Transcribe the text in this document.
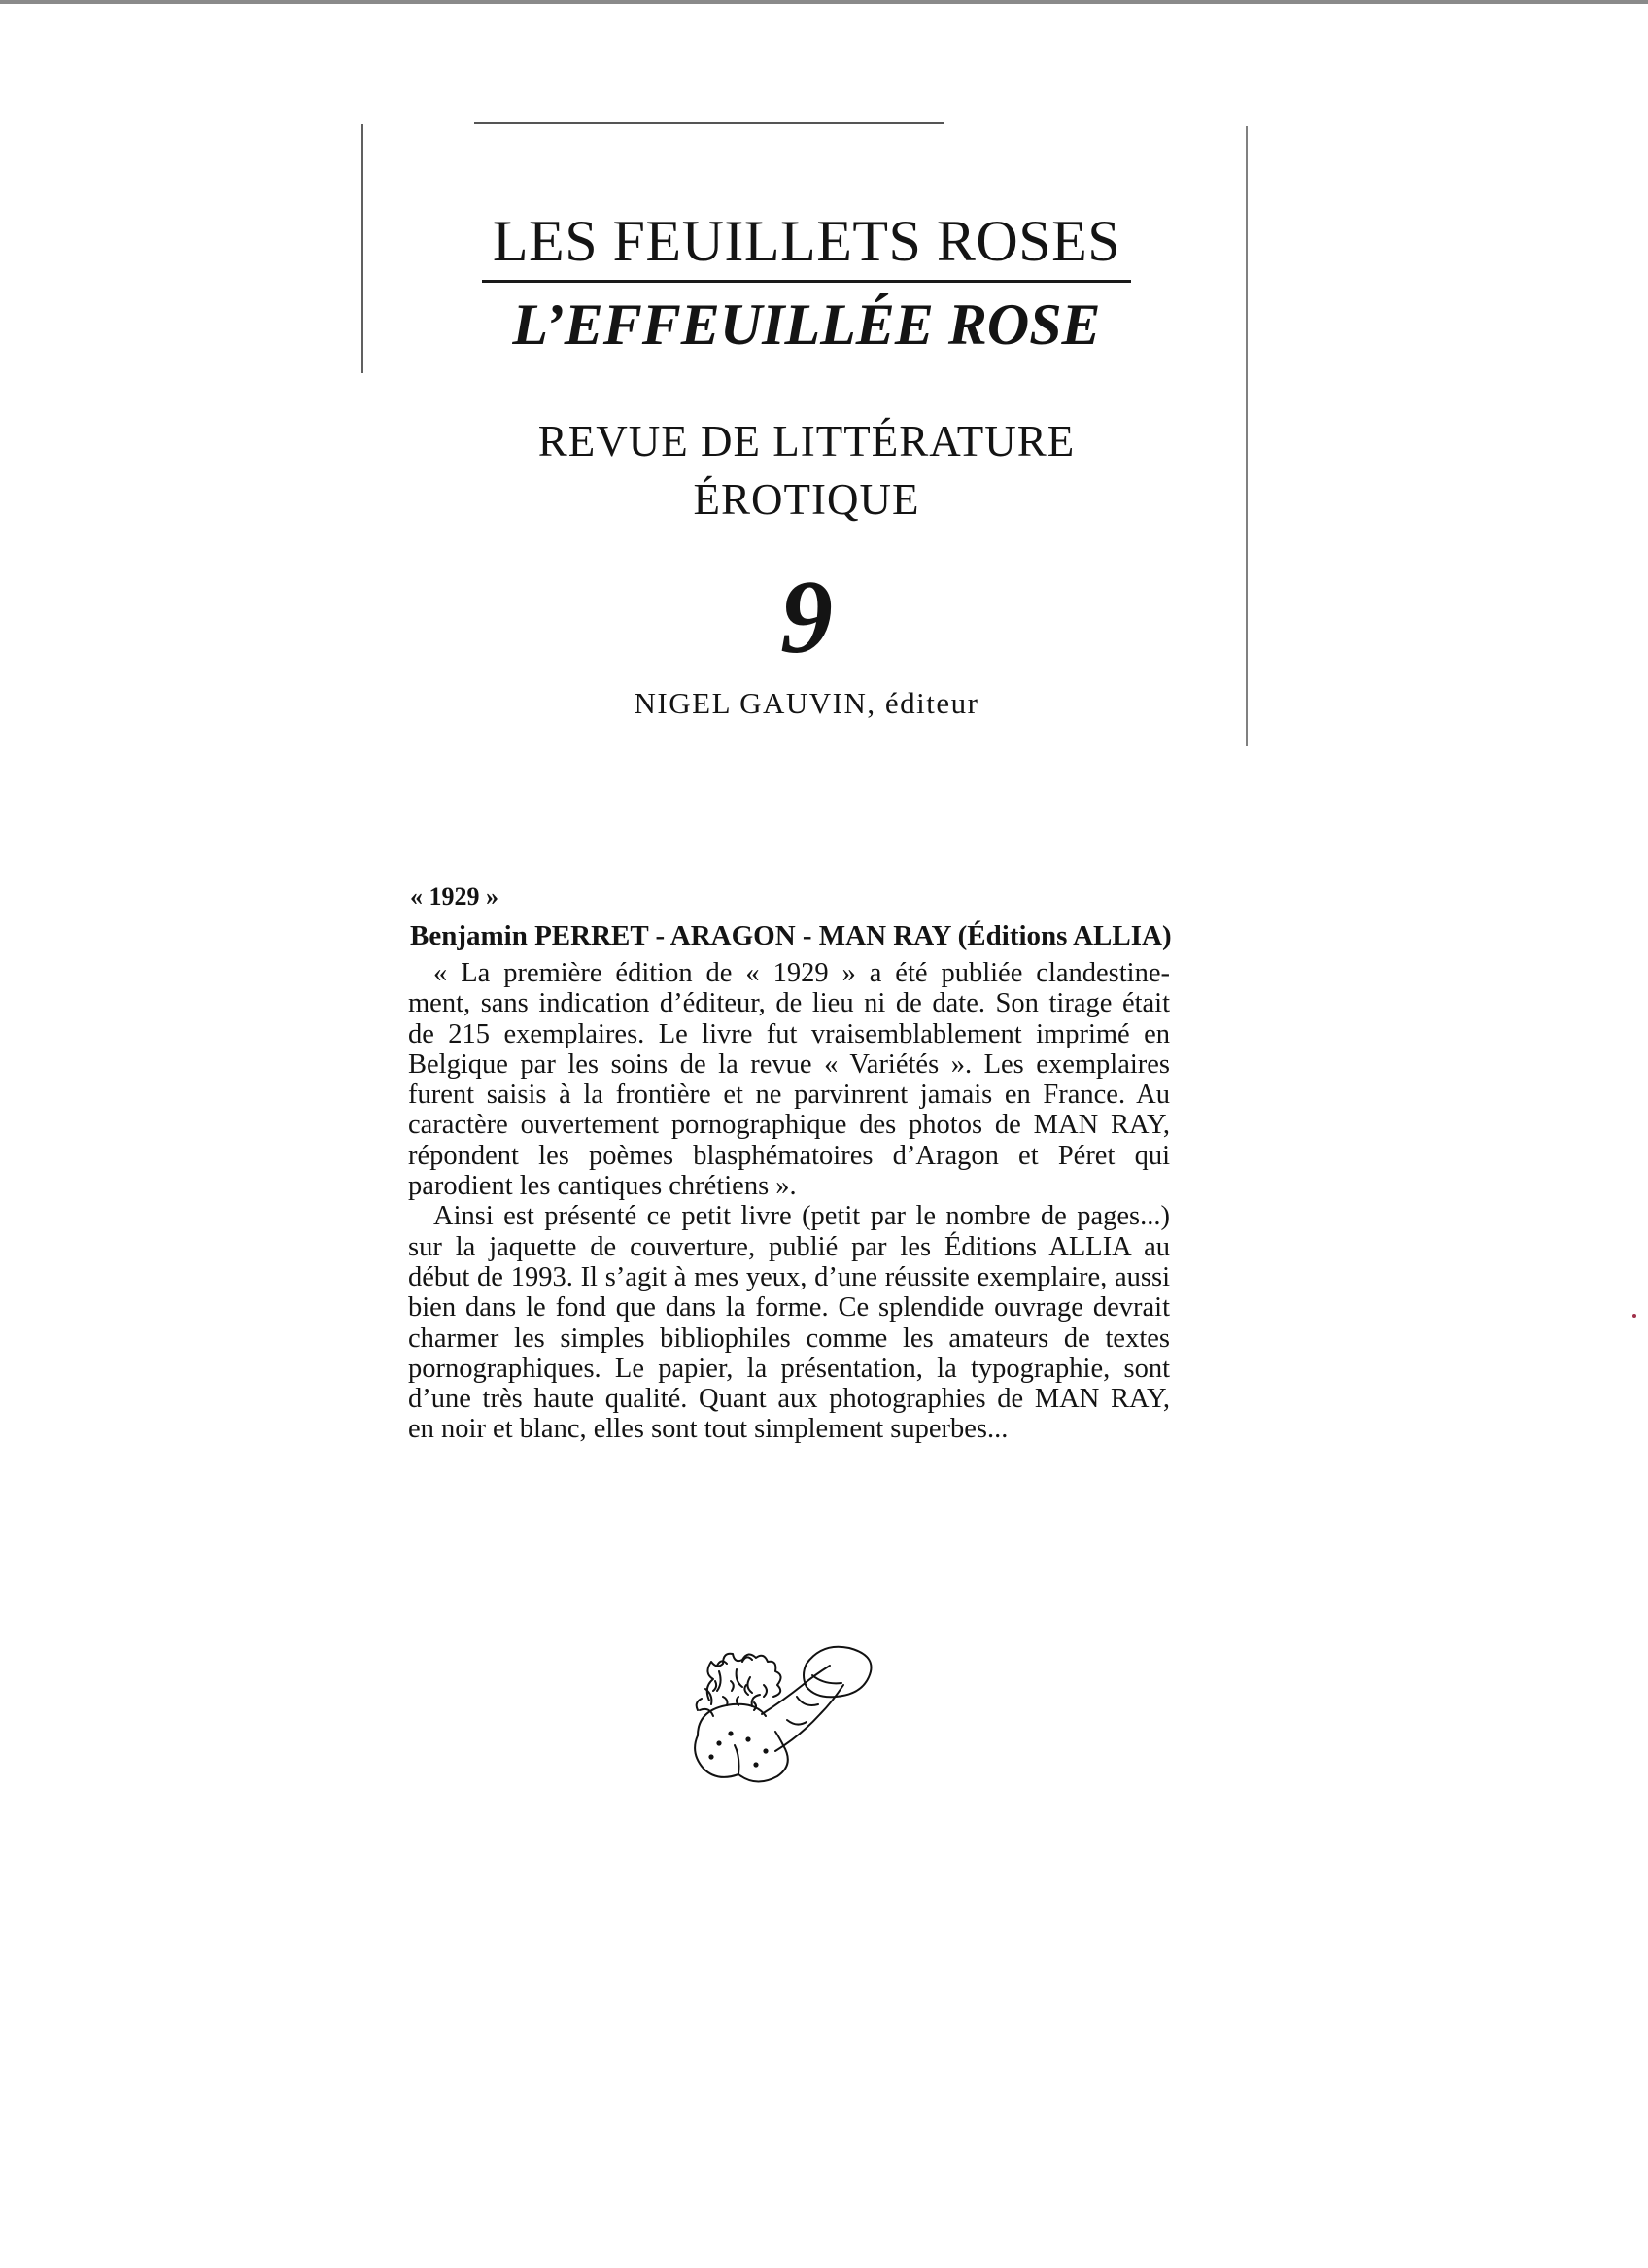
LES FEUILLETS ROSES
L’EFFEUILLÉE ROSE
REVUE DE LITTÉRATURE
ÉROTIQUE
9
NIGEL GAUVIN, éditeur
« 1929 »
Benjamin PERRET - ARAGON - MAN RAY (Éditions ALLIA)
« La première édition de « 1929 » a été publiée clandestine-
ment, sans indication d’éditeur, de lieu ni de date. Son tirage était
de 215 exemplaires. Le livre fut vraisemblablement imprimé en
Belgique par les soins de la revue « Variétés ». Les exemplaires
furent saisis à la frontière et ne parvinrent jamais en France. Au
caractère ouvertement pornographique des photos de MAN RAY,
répondent les poèmes blasphématoires d’Aragon et Péret qui
parodient les cantiques chrétiens ».
Ainsi est présenté ce petit livre (petit par le nombre de pages...)
sur la jaquette de couverture, publié par les Éditions ALLIA au
début de 1993. Il s’agit à mes yeux, d’une réussite exemplaire, aussi
bien dans le fond que dans la forme. Ce splendide ouvrage devrait
charmer les simples bibliophiles comme les amateurs de textes
pornographiques. Le papier, la présentation, la typographie, sont
d’une très haute qualité. Quant aux photographies de MAN RAY,
en noir et blanc, elles sont tout simplement superbes...
